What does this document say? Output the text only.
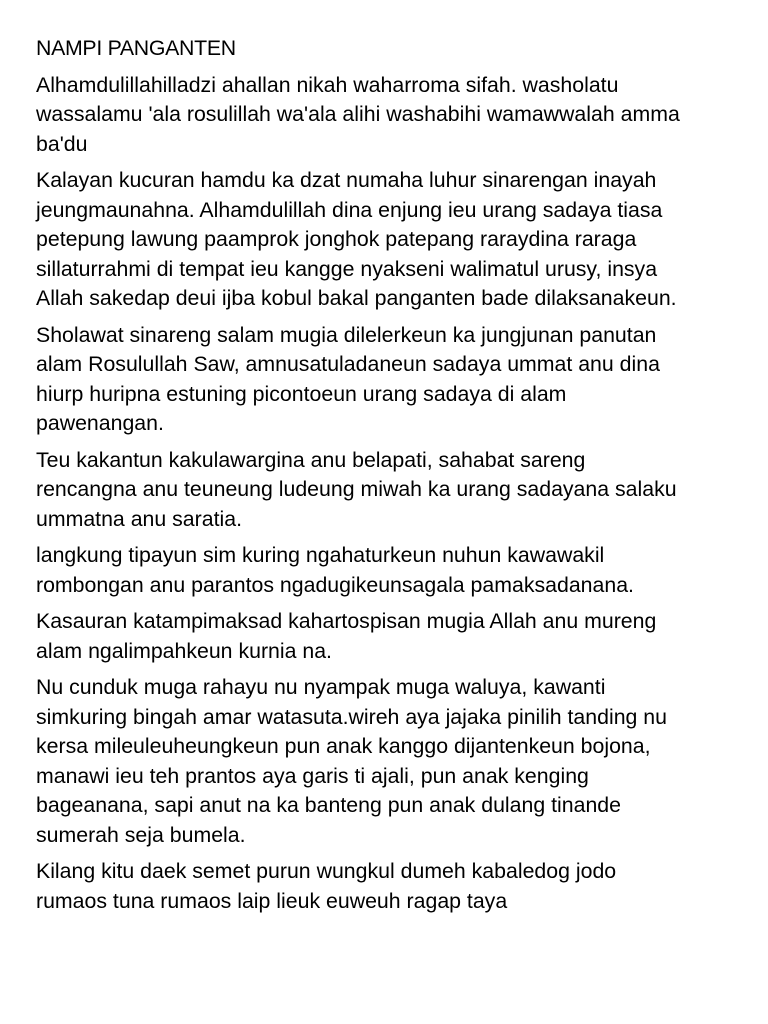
NAMPI PANGANTEN

Alhamdulillahilladzi ahallan nikah waharroma sifah. washolatu
wassalamu 'ala rosulillah wa'ala alihi washabihi wamawwalah amma
ba'du

Kalayan kucuran hamdu ka dzat numaha luhur sinarengan inayah
jeungmaunahna. Alhamdulillah dina enjung ieu urang sadaya tiasa
petepung lawung paamprok jonghok patepang raraydina raraga
sillaturrahmi di tempat ieu kangge nyakseni walimatul urusy, insya
Allah sakedap deui ijba kobul bakal panganten bade dilaksanakeun.

Sholawat sinareng salam mugia dilelerkeun ka jungjunan panutan
alam Rosulullah Saw, amnusatuladaneun sadaya ummat anu dina
hiurp huripna estuning picontoeun urang sadaya di alam
pawenangan.

Teu kakantun kakulawargina anu belapati, sahabat sareng
rencangna anu teuneung ludeung miwah ka urang sadayana salaku
ummatna anu saratia.

langkung tipayun sim kuring ngahaturkeun nuhun kawawakil
rombongan anu parantos ngadugikeunsagala pamaksadanana.

Kasauran katampimaksad kahartospisan mugia Allah anu mureng
alam ngalimpahkeun kurnia na.

Nu cunduk muga rahayu nu nyampak muga waluya, kawanti
simkuring bingah amar watasuta.wireh aya jajaka pinilih tanding nu
kersa mileuleuheungkeun pun anak kanggo dijantenkeun bojona,
manawi ieu teh prantos aya garis ti ajali, pun anak kenging
bageanana, sapi anut na ka banteng pun anak dulang tinande
sumerah seja bumela.

Kilang kitu daek semet purun wungkul dumeh kabaledog jodo
rumaos tuna rumaos laip lieuk euweuh ragap taya
